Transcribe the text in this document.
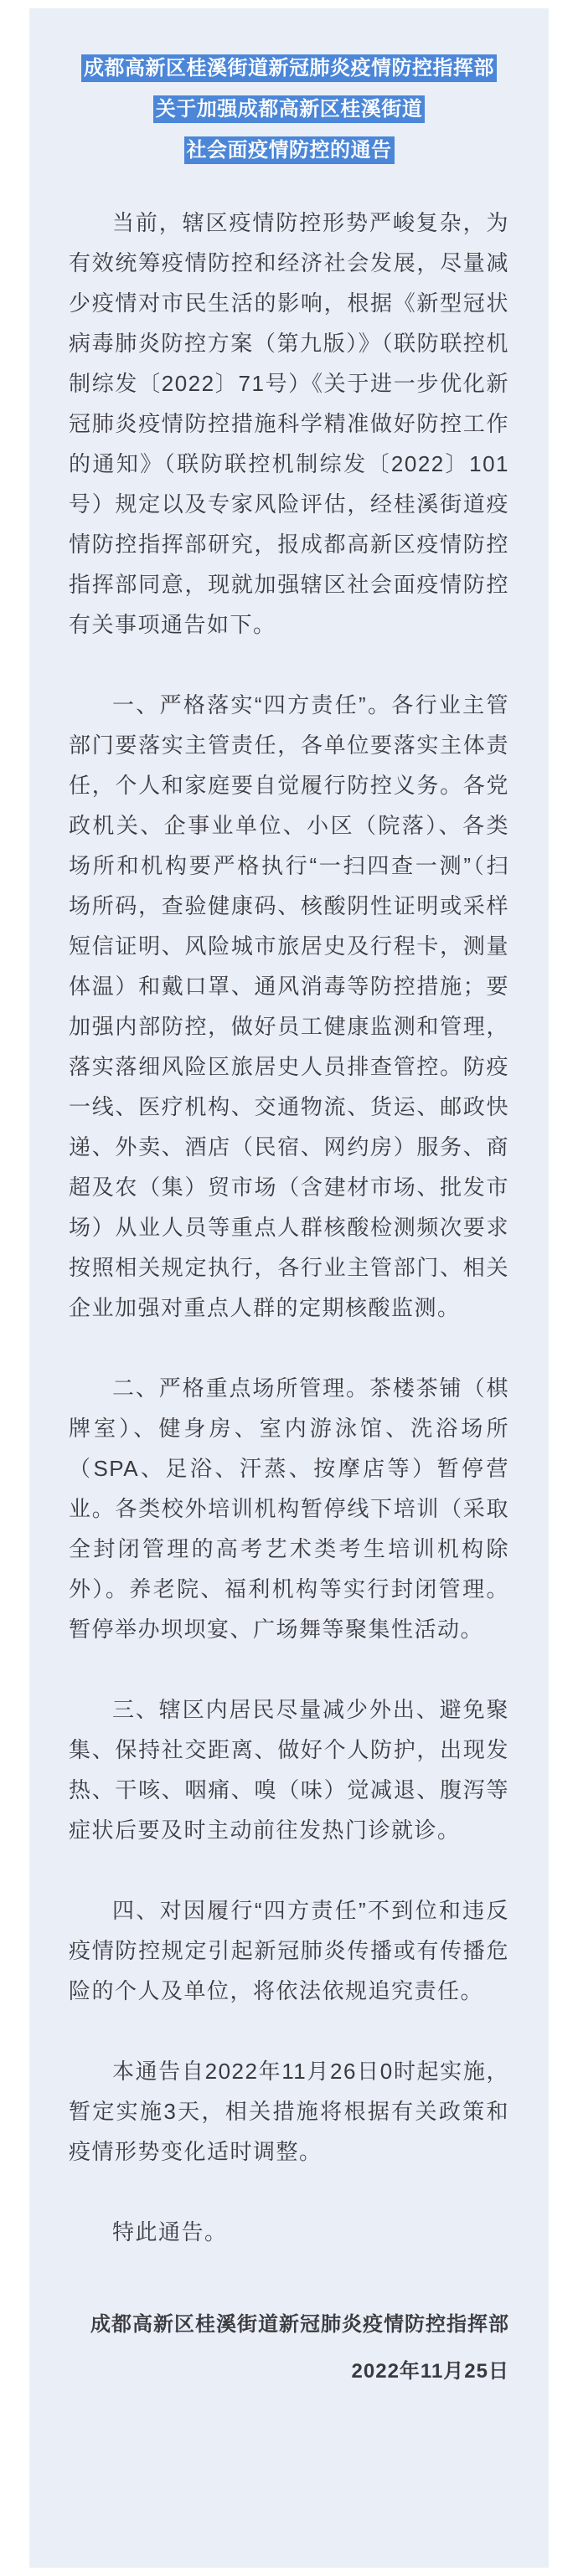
成都高新区桂溪街道新冠肺炎疫情防控指挥部
关于加强成都高新区桂溪街道
社会面疫情防控的通告

当前，辖区疫情防控形势严峻复杂，为有效统筹疫情防控和经济社会发展，尽量减少疫情对市民生活的影响，根据《新型冠状病毒肺炎防控方案（第九版）》（联防联控机制综发〔2022〕71号）《关于进一步优化新冠肺炎疫情防控措施科学精准做好防控工作的通知》（联防联控机制综发〔2022〕101号）规定以及专家风险评估，经桂溪街道疫情防控指挥部研究，报成都高新区疫情防控指挥部同意，现就加强辖区社会面疫情防控有关事项通告如下。

一、严格落实“四方责任”。各行业主管部门要落实主管责任，各单位要落实主体责任，个人和家庭要自觉履行防控义务。各党政机关、企事业单位、小区（院落）、各类场所和机构要严格执行“一扫四查一测”（扫场所码，查验健康码、核酸阴性证明或采样短信证明、风险城市旅居史及行程卡，测量体温）和戴口罩、通风消毒等防控措施；要加强内部防控，做好员工健康监测和管理，落实落细风险区旅居史人员排查管控。防疫一线、医疗机构、交通物流、货运、邮政快递、外卖、酒店（民宿、网约房）服务、商超及农（集）贸市场（含建材市场、批发市场）从业人员等重点人群核酸检测频次要求按照相关规定执行，各行业主管部门、相关企业加强对重点人群的定期核酸监测。

二、严格重点场所管理。茶楼茶铺（棋牌室）、健身房、室内游泳馆、洗浴场所（SPA、足浴、汗蒸、按摩店等）暂停营业。各类校外培训机构暂停线下培训（采取全封闭管理的高考艺术类考生培训机构除外）。养老院、福利机构等实行封闭管理。暂停举办坝坝宴、广场舞等聚集性活动。

三、辖区内居民尽量减少外出、避免聚集、保持社交距离、做好个人防护，出现发热、干咳、咽痛、嗅（味）觉减退、腹泻等症状后要及时主动前往发热门诊就诊。

四、对因履行“四方责任”不到位和违反疫情防控规定引起新冠肺炎传播或有传播危险的个人及单位，将依法依规追究责任。

本通告自2022年11月26日0时起实施，暂定实施3天，相关措施将根据有关政策和疫情形势变化适时调整。

特此通告。

成都高新区桂溪街道新冠肺炎疫情防控指挥部
2022年11月25日
